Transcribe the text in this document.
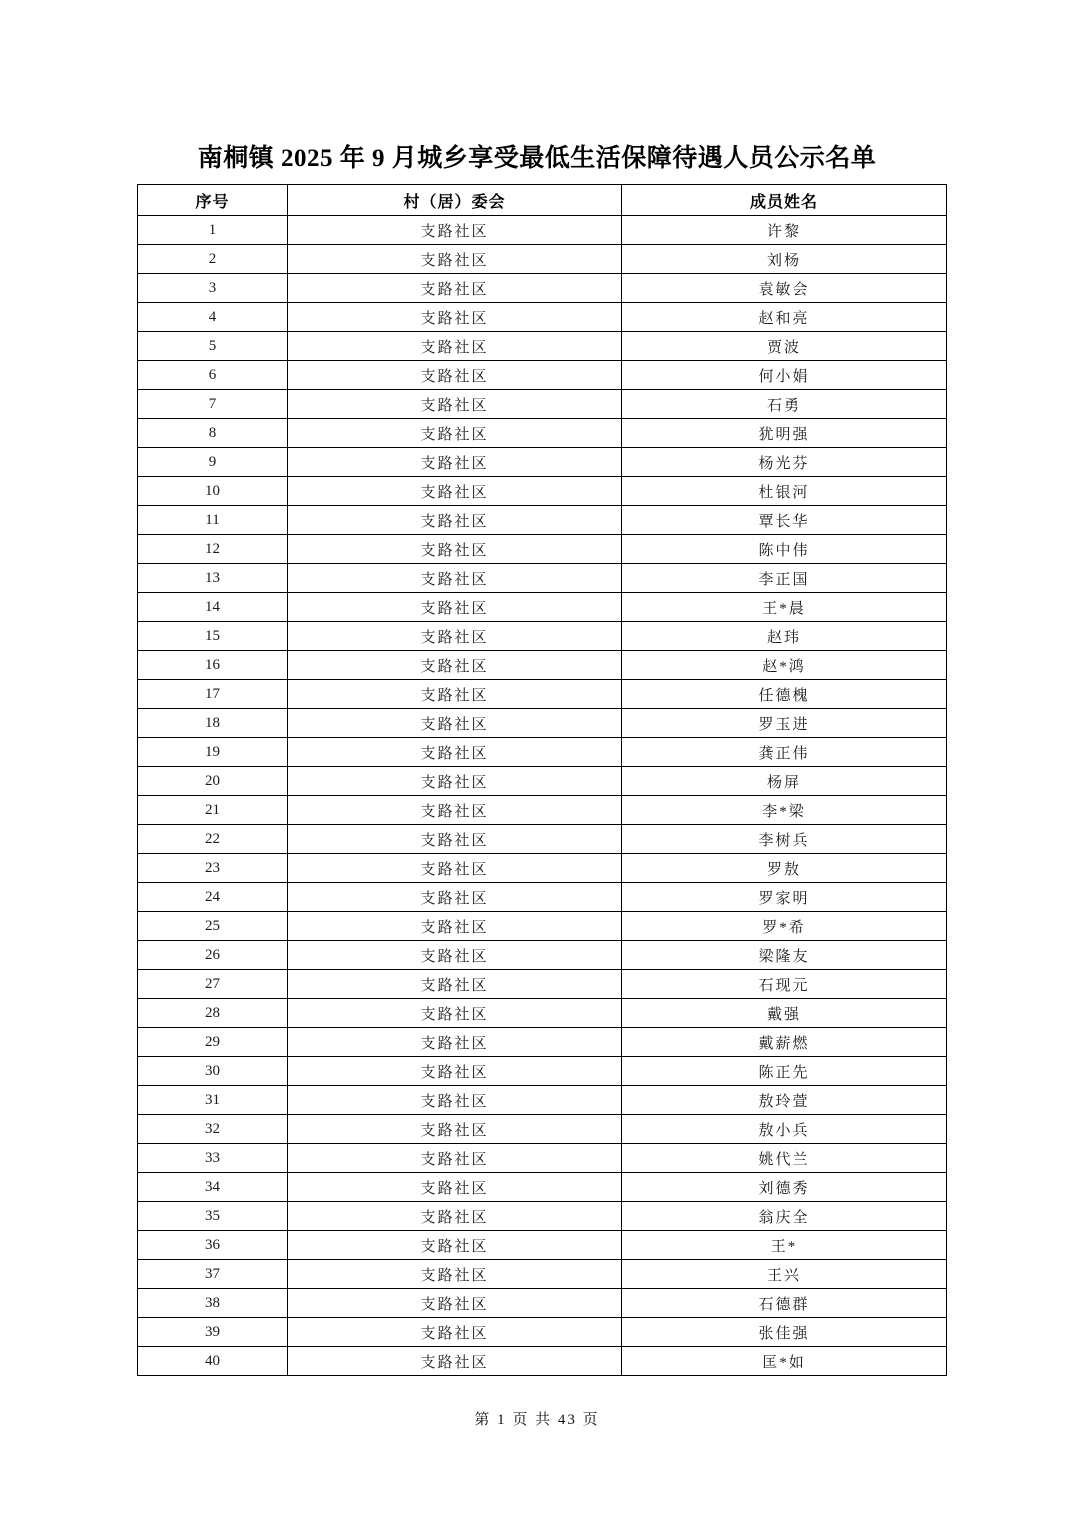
南桐镇 2025 年 9 月城乡享受最低生活保障待遇人员公示名单
序号	村（居）委会	成员姓名
1	支路社区	许黎
2	支路社区	刘杨
3	支路社区	袁敏会
4	支路社区	赵和亮
5	支路社区	贾波
6	支路社区	何小娟
7	支路社区	石勇
8	支路社区	犹明强
9	支路社区	杨光芬
10	支路社区	杜银河
11	支路社区	覃长华
12	支路社区	陈中伟
13	支路社区	李正国
14	支路社区	王*晨
15	支路社区	赵玮
16	支路社区	赵*鸿
17	支路社区	任德槐
18	支路社区	罗玉进
19	支路社区	龚正伟
20	支路社区	杨屏
21	支路社区	李*梁
22	支路社区	李树兵
23	支路社区	罗敖
24	支路社区	罗家明
25	支路社区	罗*希
26	支路社区	梁隆友
27	支路社区	石现元
28	支路社区	戴强
29	支路社区	戴薪燃
30	支路社区	陈正先
31	支路社区	敖玲萱
32	支路社区	敖小兵
33	支路社区	姚代兰
34	支路社区	刘德秀
35	支路社区	翁庆全
36	支路社区	王*
37	支路社区	王兴
38	支路社区	石德群
39	支路社区	张佳强
40	支路社区	匡*如
第 1 页 共 43 页
